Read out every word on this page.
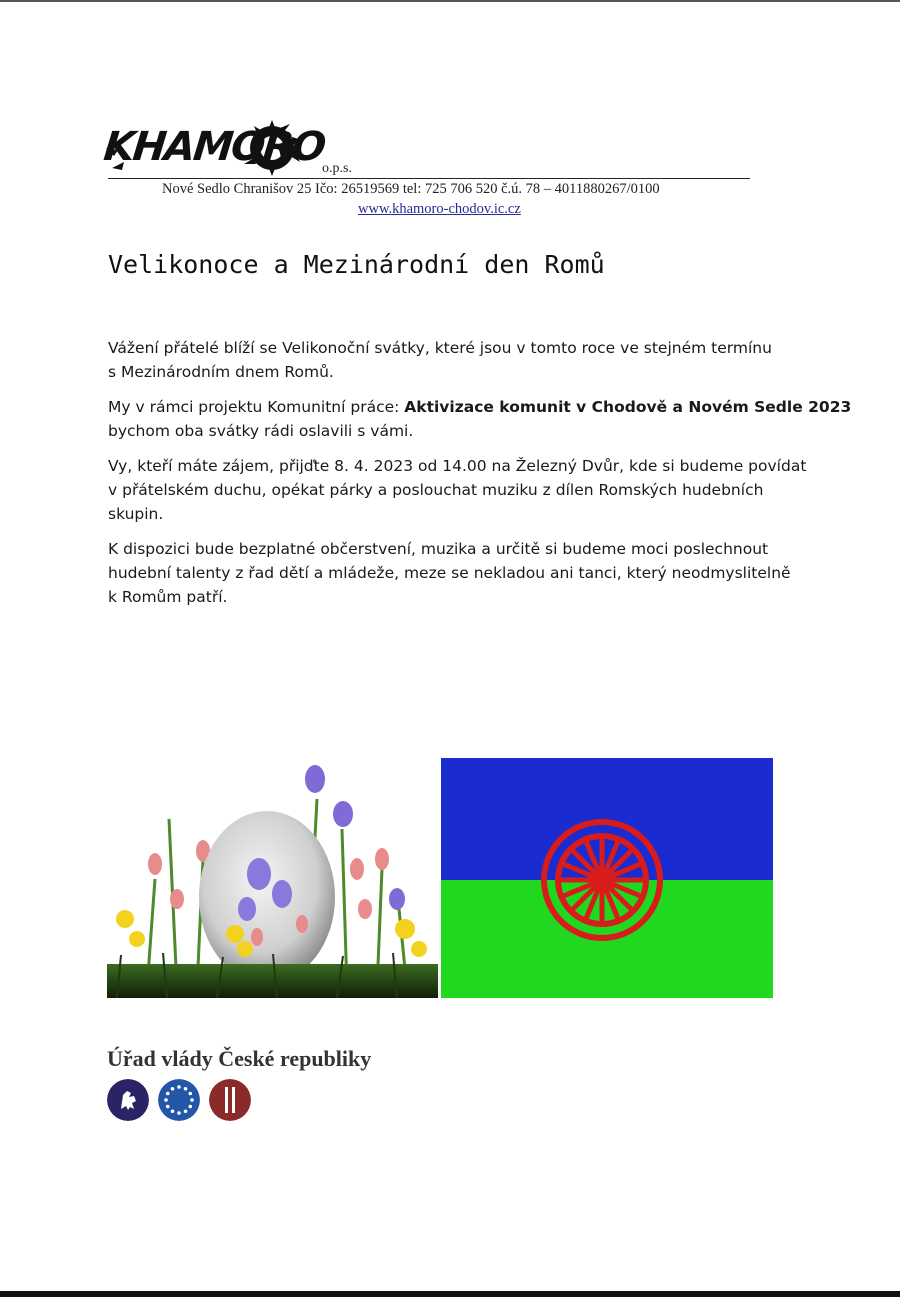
KHAMORO
o.p.s.
Nové Sedlo Chranišov 25 Ičo: 26519569 tel: 725 706 520 č.ú. 78 – 4011880267/0100
www.khamoro-chodov.ic.cz
Velikonoce a Mezinárodní den Romů

Vážení přátelé blíží se Velikonoční svátky, které jsou v tomto roce ve stejném termínu
s Mezinárodním dnem Romů.

My v rámci projektu Komunitní práce: Aktivizace komunit v Chodově a Novém Sedle 2023
bychom oba svátky rádi oslavili s vámi.

Vy, kteří máte zájem, přijďte 8. 4. 2023 od 14.00 na Železný Dvůr, kde si budeme povídat
v přátelském duchu, opékat párky a poslouchat muziku z dílen Romských hudebních
skupin.

K dispozici bude bezplatné občerstvení, muzika a určitě si budeme moci poslechnout
hudební talenty z řad dětí a mládeže, meze se nekladou ani tanci, který neodmyslitelně
k Romům patří.

Úřad vlády České republiky
